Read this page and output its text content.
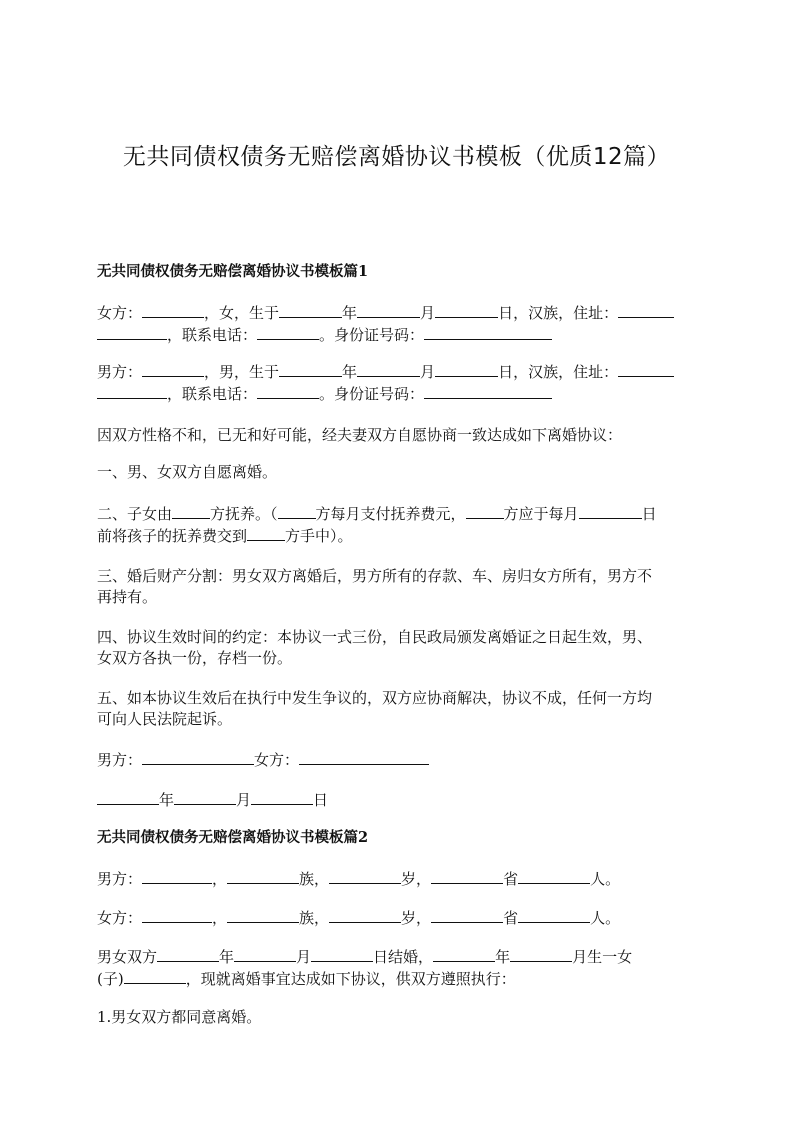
无共同债权债务无赔偿离婚协议书模板（优质12篇）
无共同债权债务无赔偿离婚协议书模板篇1
女方：	，女，生于	年	月	日，汉族，住址：
，联系电话：	。身份证号码：
男方：	，男，生于	年	月	日，汉族，住址：
，联系电话：	。身份证号码：
因双方性格不和，已无和好可能，经夫妻双方自愿协商一致达成如下离婚协议：
一、男、女双方自愿离婚。
二、子女由	方抚养。（	方每月支付抚养费元，	方应于每月	日
前将孩子的抚养费交到	方手中）。
三、婚后财产分割：男女双方离婚后，男方所有的存款、车、房归女方所有，男方不
再持有。
四、协议生效时间的约定：本协议一式三份，自民政局颁发离婚证之日起生效，男、
女双方各执一份，存档一份。
五、如本协议生效后在执行中发生争议的，双方应协商解决，协议不成，任何一方均
可向人民法院起诉。
男方：	女方：
年	月	日
无共同债权债务无赔偿离婚协议书模板篇2
男方：	，	族，	岁，	省	人。
女方：	，	族，	岁，	省	人。
男女双方	年	月	日结婚，	年	月生一女
(子)	，现就离婚事宜达成如下协议，供双方遵照执行：
1.男女双方都同意离婚。
